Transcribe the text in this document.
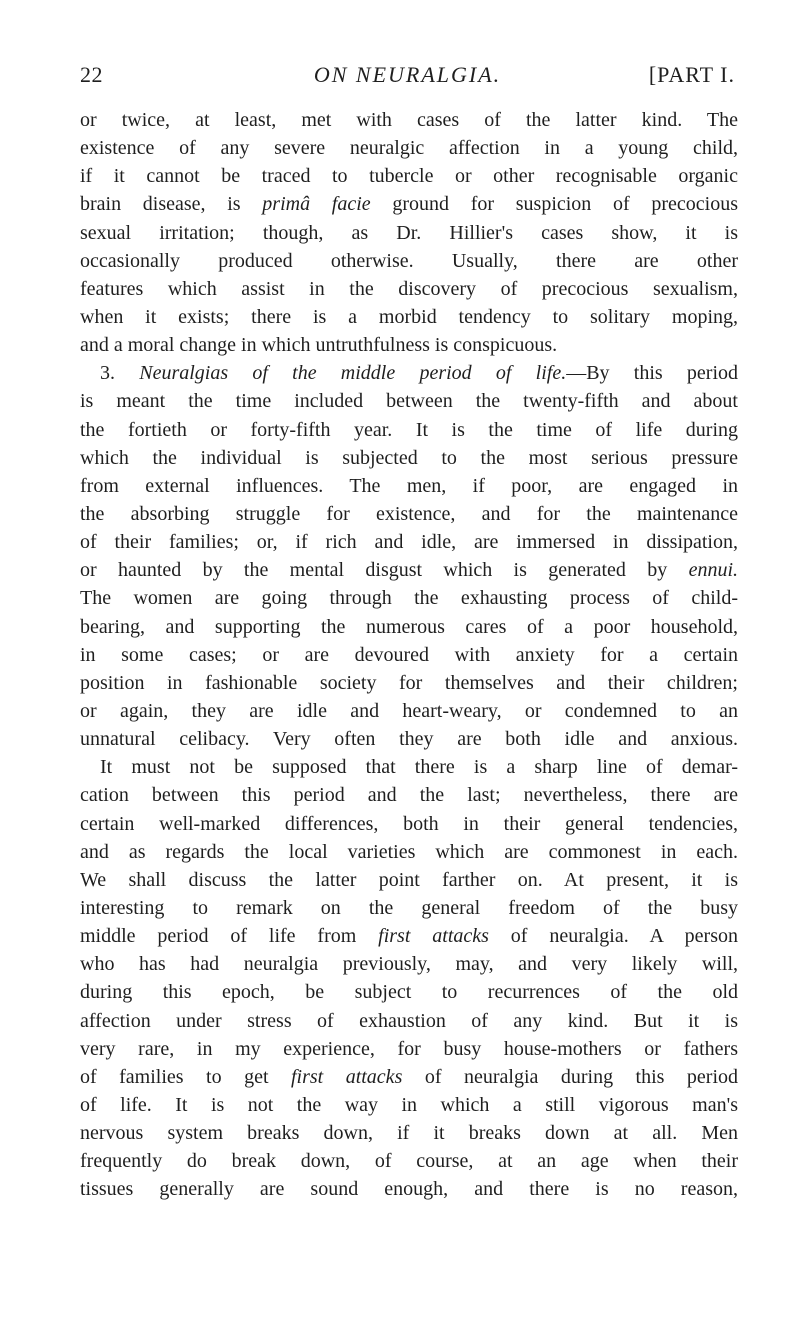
22	ON NEURALGIA.	[PART I.
or twice, at least, met with cases of the latter kind. The
existence of any severe neuralgic affection in a young child,
if it cannot be traced to tubercle or other recognisable organic
brain disease, is primâ facie ground for suspicion of precocious
sexual irritation; though, as Dr. Hillier's cases show, it is
occasionally produced otherwise. Usually, there are other
features which assist in the discovery of precocious sexualism,
when it exists; there is a morbid tendency to solitary moping,
and a moral change in which untruthfulness is conspicuous.
3. Neuralgias of the middle period of life.—By this period
is meant the time included between the twenty-fifth and about
the fortieth or forty-fifth year. It is the time of life during
which the individual is subjected to the most serious pressure
from external influences. The men, if poor, are engaged in
the absorbing struggle for existence, and for the maintenance
of their families; or, if rich and idle, are immersed in dissipation,
or haunted by the mental disgust which is generated by ennui.
The women are going through the exhausting process of child-
bearing, and supporting the numerous cares of a poor household,
in some cases; or are devoured with anxiety for a certain
position in fashionable society for themselves and their children;
or again, they are idle and heart-weary, or condemned to an
unnatural celibacy. Very often they are both idle and anxious.
It must not be supposed that there is a sharp line of demar-
cation between this period and the last; nevertheless, there are
certain well-marked differences, both in their general tendencies,
and as regards the local varieties which are commonest in each.
We shall discuss the latter point farther on. At present, it is
interesting to remark on the general freedom of the busy
middle period of life from first attacks of neuralgia. A person
who has had neuralgia previously, may, and very likely will,
during this epoch, be subject to recurrences of the old
affection under stress of exhaustion of any kind. But it is
very rare, in my experience, for busy house-mothers or fathers
of families to get first attacks of neuralgia during this period
of life. It is not the way in which a still vigorous man's
nervous system breaks down, if it breaks down at all. Men
frequently do break down, of course, at an age when their
tissues generally are sound enough, and there is no reason,
